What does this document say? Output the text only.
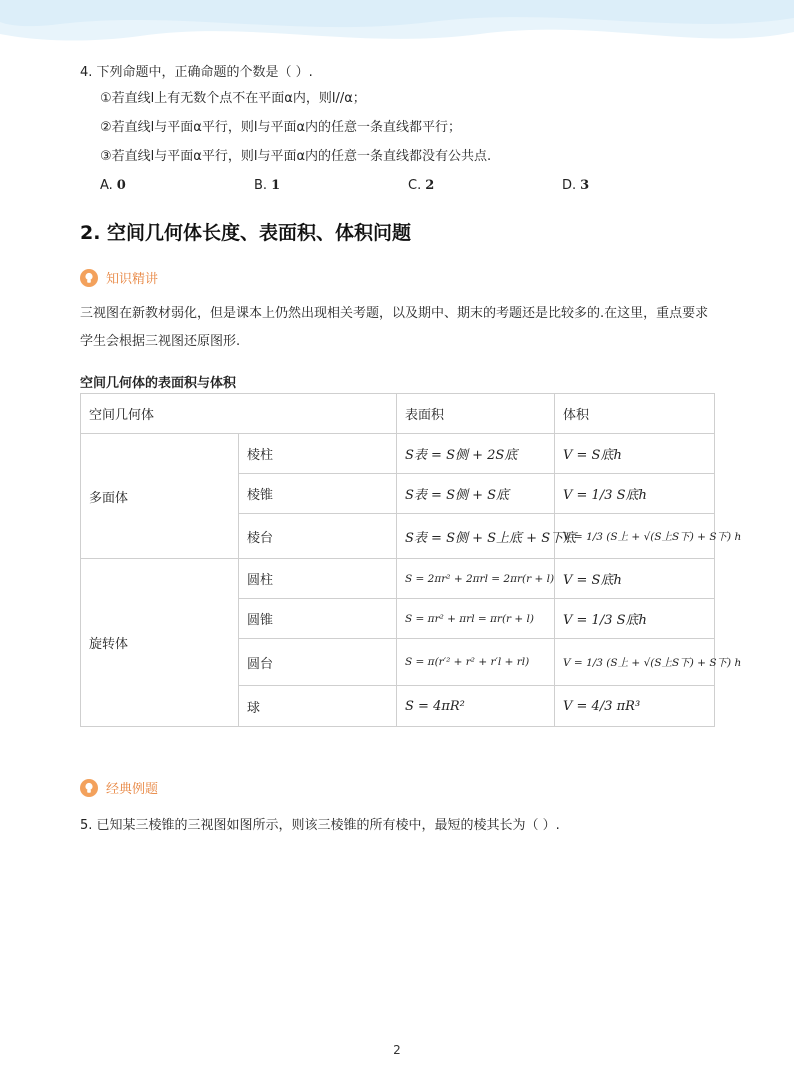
4. 下列命题中，正确命题的个数是（ ）.
①若直线l上有无数个点不在平面α内，则l//α；
②若直线l与平面α平行，则l与平面α内的任意一条直线都平行；
③若直线l与平面α平行，则l与平面α内的任意一条直线都没有公共点.
A. 0	B. 1	C. 2	D. 3
2. 空间几何体长度、表面积、体积问题
知识精讲
三视图在新教材弱化，但是课本上仍然出现相关考题，以及期中、期末的考题还是比较多的.在这里，重点要求学生会根据三视图还原图形.
空间几何体的表面积与体积
空间几何体		表面积	体积
多面体	棱柱	S表 = S侧 + 2S底	V = S底h
	棱锥	S表 = S侧 + S底	V = 1/3 S底h
	棱台	S表 = S侧 + S上底 + S下底	V = 1/3 (S上 + √(S上S下) + S下) h
旋转体	圆柱	S = 2πr² + 2πrl = 2πr(r + l)	V = S底h
	圆锥	S = πr² + πrl = πr(r + l)	V = 1/3 S底h
	圆台	S = π(r′² + r² + r′l + rl)	V = 1/3 (S上 + √(S上S下) + S下) h
	球	S = 4πR²	V = 4/3 πR³
经典例题
5. 已知某三棱锥的三视图如图所示，则该三棱锥的所有棱中，最短的棱其长为（ ）.
2
